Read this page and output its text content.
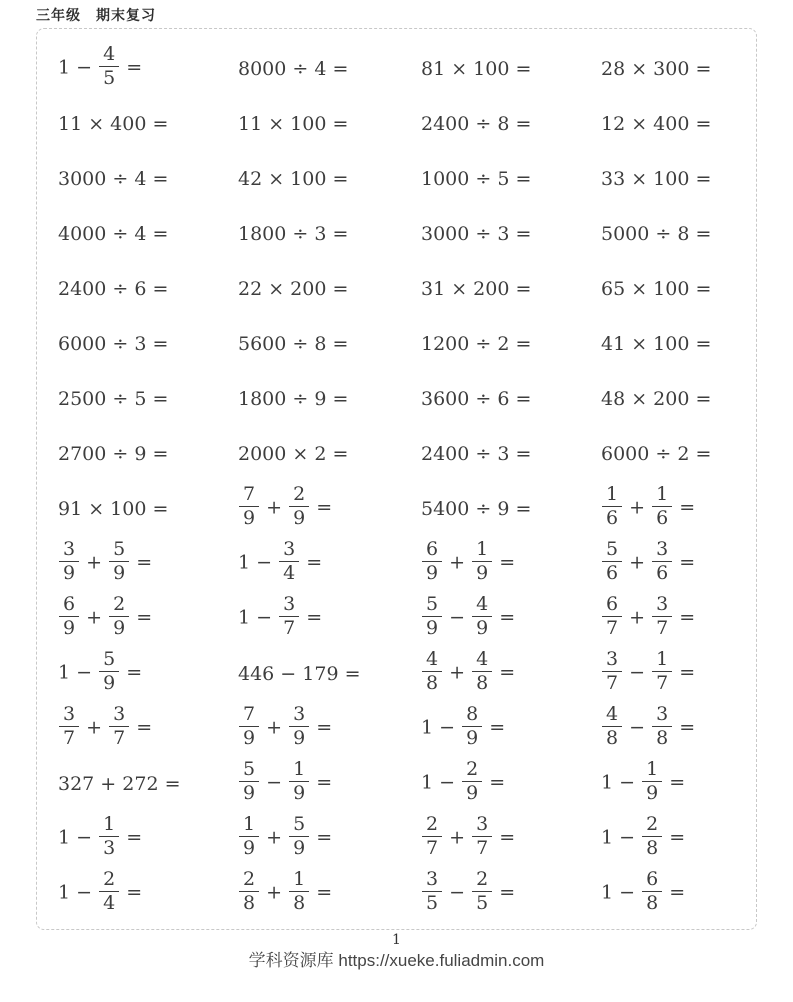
三年级　期末复习
$1 - \frac{4}{5}$ =	8000 ÷ 4 =	81 × 100 =	28 × 300 =
11 × 400 =	11 × 100 =	2400 ÷ 8 =	12 × 400 =
3000 ÷ 4 =	42 × 100 =	1000 ÷ 5 =	33 × 100 =
4000 ÷ 4 =	1800 ÷ 3 =	3000 ÷ 3 =	5000 ÷ 8 =
2400 ÷ 6 =	22 × 200 =	31 × 200 =	65 × 100 =
6000 ÷ 3 =	5600 ÷ 8 =	1200 ÷ 2 =	41 × 100 =
2500 ÷ 5 =	1800 ÷ 9 =	3600 ÷ 6 =	48 × 200 =
2700 ÷ 9 =	2000 × 2 =	2400 ÷ 3 =	6000 ÷ 2 =
91 × 100 =	$\frac{7}{9} + \frac{2}{9}$ =	5400 ÷ 9 =	$\frac{1}{6} + \frac{1}{6}$ =
$\frac{3}{9} + \frac{5}{9}$ =	$1 - \frac{3}{4}$ =	$\frac{6}{9} + \frac{1}{9}$ =	$\frac{5}{6} + \frac{3}{6}$ =
$\frac{6}{9} + \frac{2}{9}$ =	$1 - \frac{3}{7}$ =	$\frac{5}{9} - \frac{4}{9}$ =	$\frac{6}{7} + \frac{3}{7}$ =
$1 - \frac{5}{9}$ =	446 − 179 =	$\frac{4}{8} + \frac{4}{8}$ =	$\frac{3}{7} - \frac{1}{7}$ =
$\frac{3}{7} + \frac{3}{7}$ =	$\frac{7}{9} + \frac{3}{9}$ =	$1 - \frac{8}{9}$ =	$\frac{4}{8} - \frac{3}{8}$ =
327 + 272 =	$\frac{5}{9} - \frac{1}{9}$ =	$1 - \frac{2}{9}$ =	$1 - \frac{1}{9}$ =
$1 - \frac{1}{3}$ =	$\frac{1}{9} + \frac{5}{9}$ =	$\frac{2}{7} + \frac{3}{7}$ =	$1 - \frac{2}{8}$ =
$1 - \frac{2}{4}$ =	$\frac{2}{8} + \frac{1}{8}$ =	$\frac{3}{5} - \frac{2}{5}$ =	$1 - \frac{6}{8}$ =
1
学科资源库 https://xueke.fuliadmin.com
